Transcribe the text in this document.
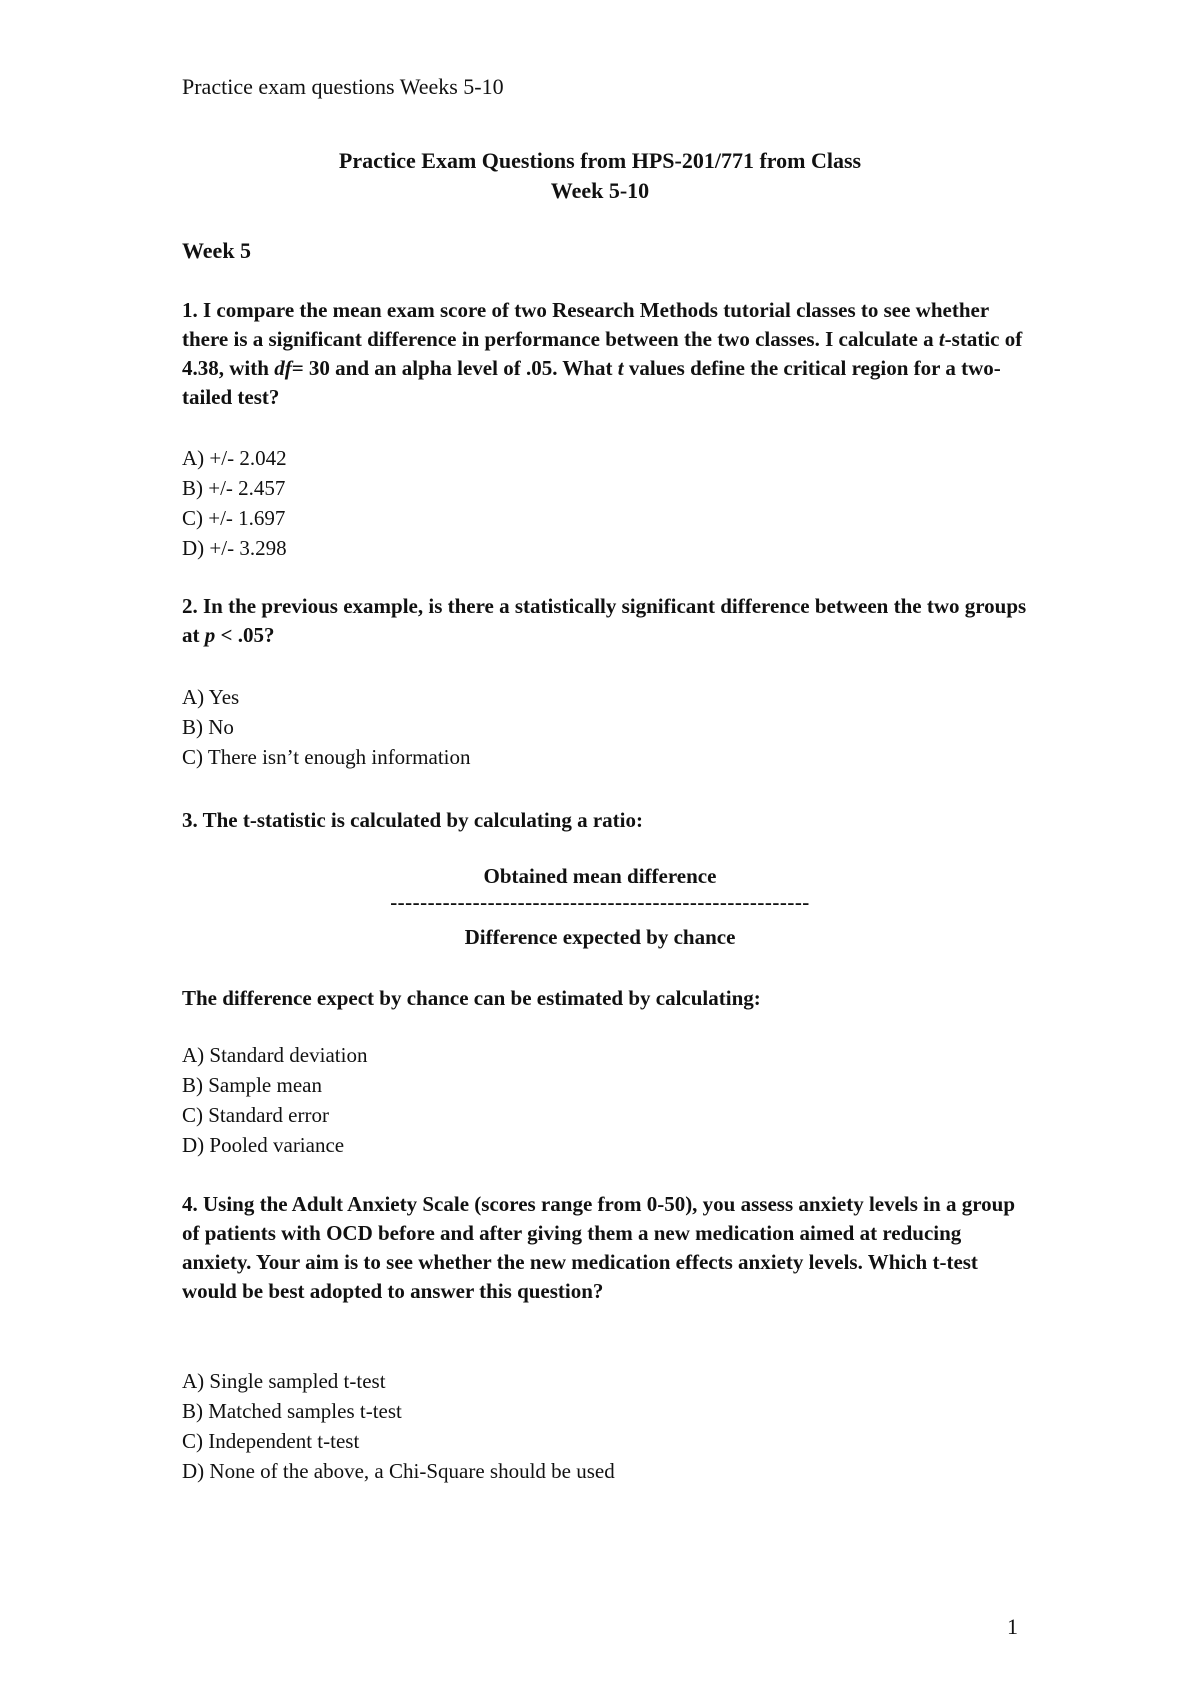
Practice exam questions Weeks 5-10
Practice Exam Questions from HPS-201/771 from Class
Week 5-10
Week 5
1. I compare the mean exam score of two Research Methods tutorial classes to see whether there is a significant difference in performance between the two classes. I calculate a t-static of 4.38, with df= 30 and an alpha level of .05. What t values define the critical region for a two-tailed test?
A) +/- 2.042
B) +/- 2.457
C) +/- 1.697
D) +/- 3.298
2. In the previous example, is there a statistically significant difference between the two groups at p < .05?
A) Yes
B) No
C) There isn’t enough information
3. The t-statistic is calculated by calculating a ratio:
Obtained mean difference
--------------------------------------------------------
Difference expected by chance
The difference expect by chance can be estimated by calculating:
A) Standard deviation
B) Sample mean
C) Standard error
D) Pooled variance
4. Using the Adult Anxiety Scale (scores range from 0-50), you assess anxiety levels in a group of patients with OCD before and after giving them a new medication aimed at reducing anxiety. Your aim is to see whether the new medication effects anxiety levels. Which t-test would be best adopted to answer this question?
A) Single sampled t-test
B) Matched samples t-test
C) Independent t-test
D) None of the above, a Chi-Square should be used
1
